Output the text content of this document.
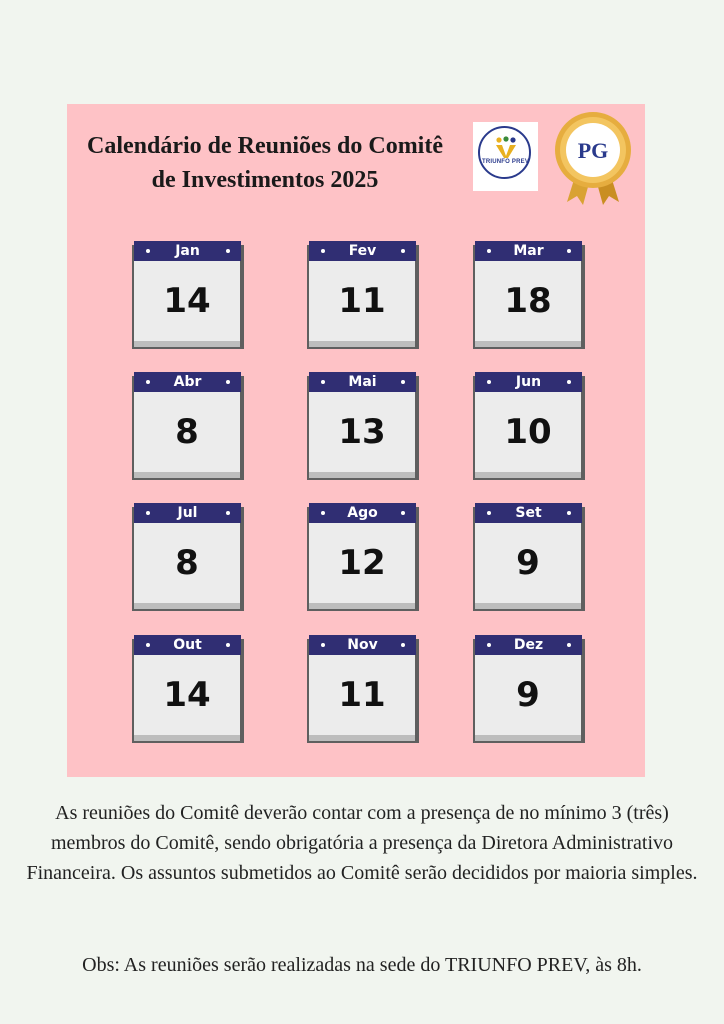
Calendário de Reuniões do Comitê
de Investimentos 2025
TRIUNFO PREV	PG
Jan
14
Fev
11
Mar
18
Abr
8
Mai
13
Jun
10
Jul
8
Ago
12
Set
9
Out
14
Nov
11
Dez
9
As reuniões do Comitê deverão contar com a presença de no mínimo 3 (três) membros do Comitê, sendo obrigatória a presença da Diretora Administrativo Financeira. Os assuntos submetidos ao Comitê serão decididos por maioria simples.
Obs: As reuniões serão realizadas na sede do TRIUNFO PREV, às 8h.
